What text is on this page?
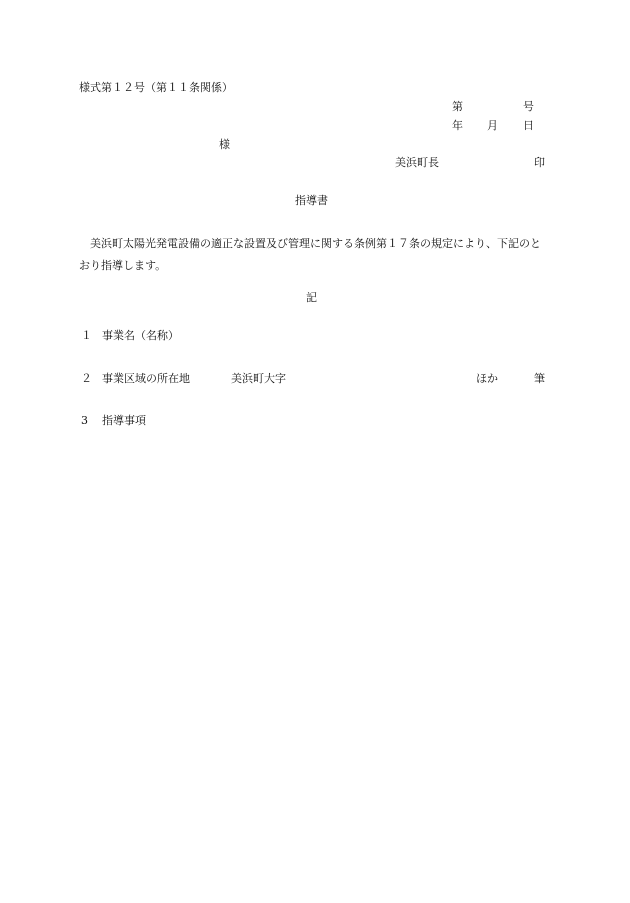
様式第１２号（第１１条関係）
第	号
年 月 日
様
美浜町長	印
指導書
美浜町太陽光発電設備の適正な設置及び管理に関する条例第１７条の規定により、下記のとおり指導します。
記
１ 事業名（名称）
２ 事業区域の所在地	美浜町大字	ほか	筆
3 指導事項
